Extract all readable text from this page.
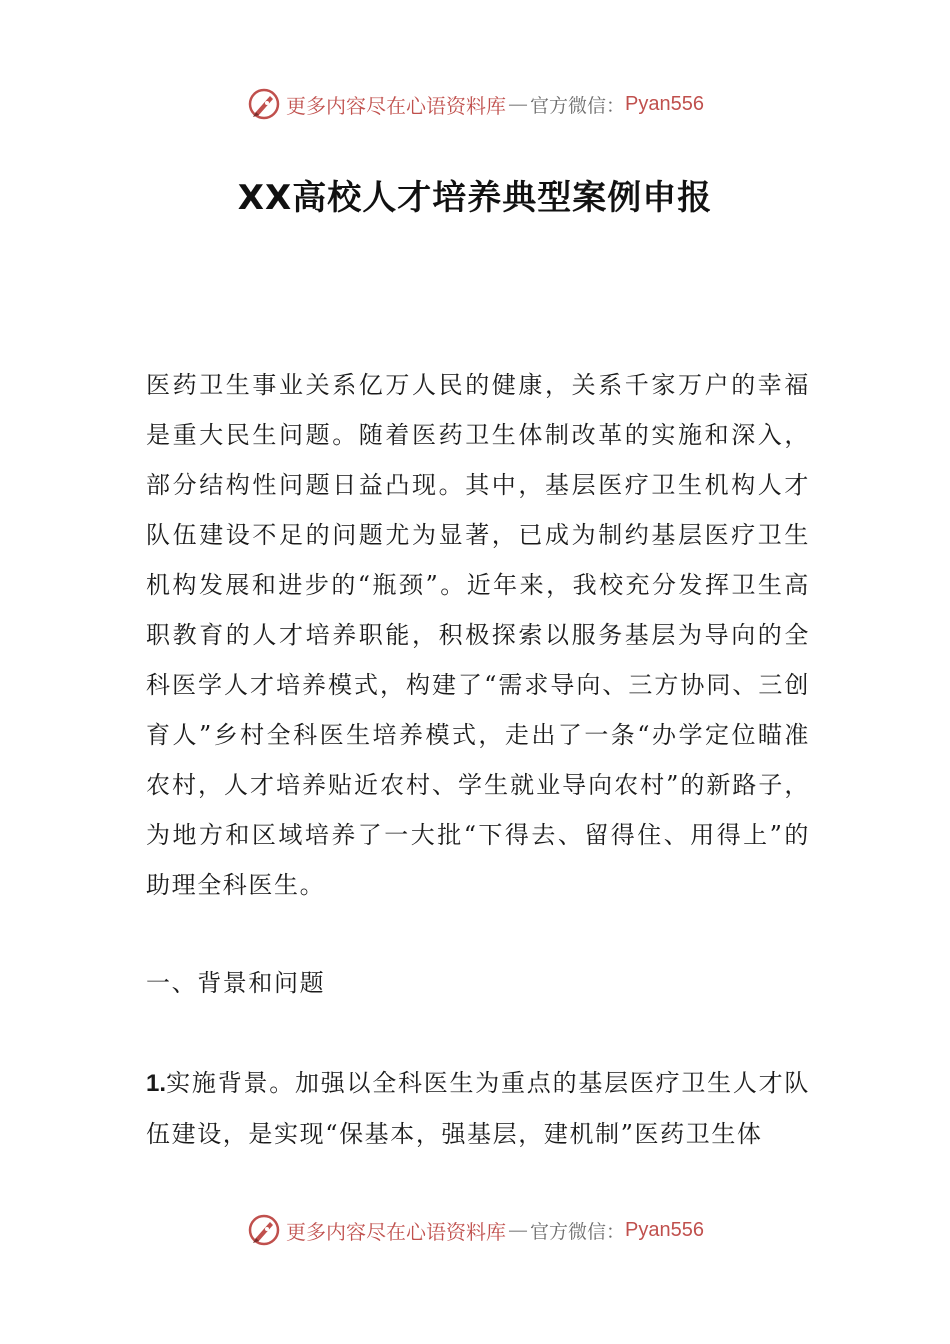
更多内容尽在心语资料库 — 官方微信： Pyan556
XX高校人才培养典型案例申报

医药卫生事业关系亿万人民的健康，关系千家万户的幸福是重大民生问题。随着医药卫生体制改革的实施和深入，部分结构性问题日益凸现。其中，基层医疗卫生机构人才队伍建设不足的问题尤为显著，已成为制约基层医疗卫生机构发展和进步的“瓶颈”。近年来，我校充分发挥卫生高职教育的人才培养职能，积极探索以服务基层为导向的全科医学人才培养模式，构建了“需求导向、三方协同、三创育人”乡村全科医生培养模式，走出了一条“办学定位瞄准农村，人才培养贴近农村、学生就业导向农村”的新路子，为地方和区域培养了一大批“下得去、留得住、用得上”的助理全科医生。

一、背景和问题

1.实施背景。加强以全科医生为重点的基层医疗卫生人才队伍建设，是实现“保基本，强基层，建机制”医药卫生体

更多内容尽在心语资料库 — 官方微信： Pyan556
